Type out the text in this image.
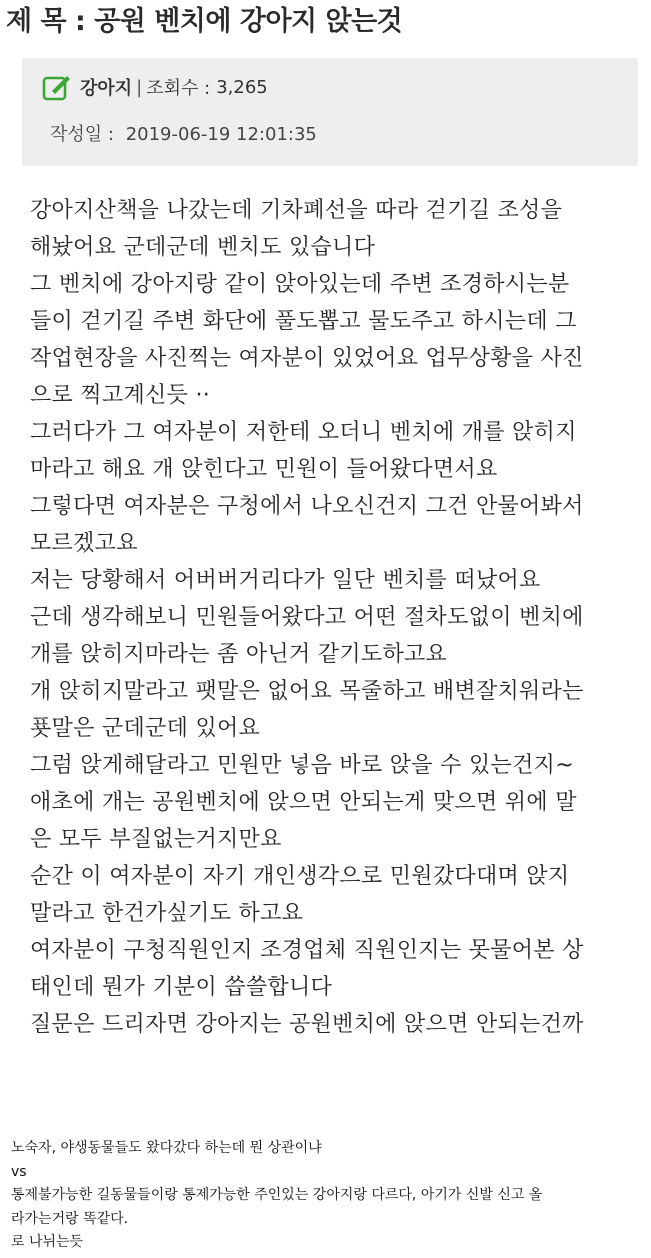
제 목 : 공원 벤치에 강아지 앉는것
강아지 | 조회수 : 3,265
작성일 : 2019-06-19 12:01:35
강아지산책을 나갔는데 기차폐선을 따라 걷기길 조성을
해놨어요 군데군데 벤치도 있습니다
그 벤치에 강아지랑 같이 앉아있는데 주변 조경하시는분
들이 걷기길 주변 화단에 풀도뽑고 물도주고 하시는데 그
작업현장을 사진찍는 여자분이 있었어요 업무상황을 사진
으로 찍고계신듯 ··
그러다가 그 여자분이 저한테 오더니 벤치에 개를 앉히지
마라고 해요 개 앉힌다고 민원이 들어왔다면서요
그렇다면 여자분은 구청에서 나오신건지 그건 안물어봐서
모르겠고요
저는 당황해서 어버버거리다가 일단 벤치를 떠났어요
근데 생각해보니 민원들어왔다고 어떤 절차도없이 벤치에
개를 앉히지마라는 좀 아닌거 같기도하고요
개 앉히지말라고 팻말은 없어요 목줄하고 배변잘치워라는
푯말은 군데군데 있어요
그럼 앉게해달라고 민원만 넣음 바로 앉을 수 있는건지~
애초에 개는 공원벤치에 앉으면 안되는게 맞으면 위에 말
은 모두 부질없는거지만요
순간 이 여자분이 자기 개인생각으로 민원갔다대며 앉지
말라고 한건가싶기도 하고요
여자분이 구청직원인지 조경업체 직원인지는 못물어본 상
태인데 뭔가 기분이 씁쓸합니다
질문은 드리자면 강아지는 공원벤치에 앉으면 안되는건까
노숙자, 야생동물들도 왔다갔다 하는데 뭔 상관이냐
vs
통제불가능한 길동물들이랑 통제가능한 주인있는 강아지랑 다르다, 아기가 신발 신고 올
라가는거랑 똑같다.
로 나뉘는듯
